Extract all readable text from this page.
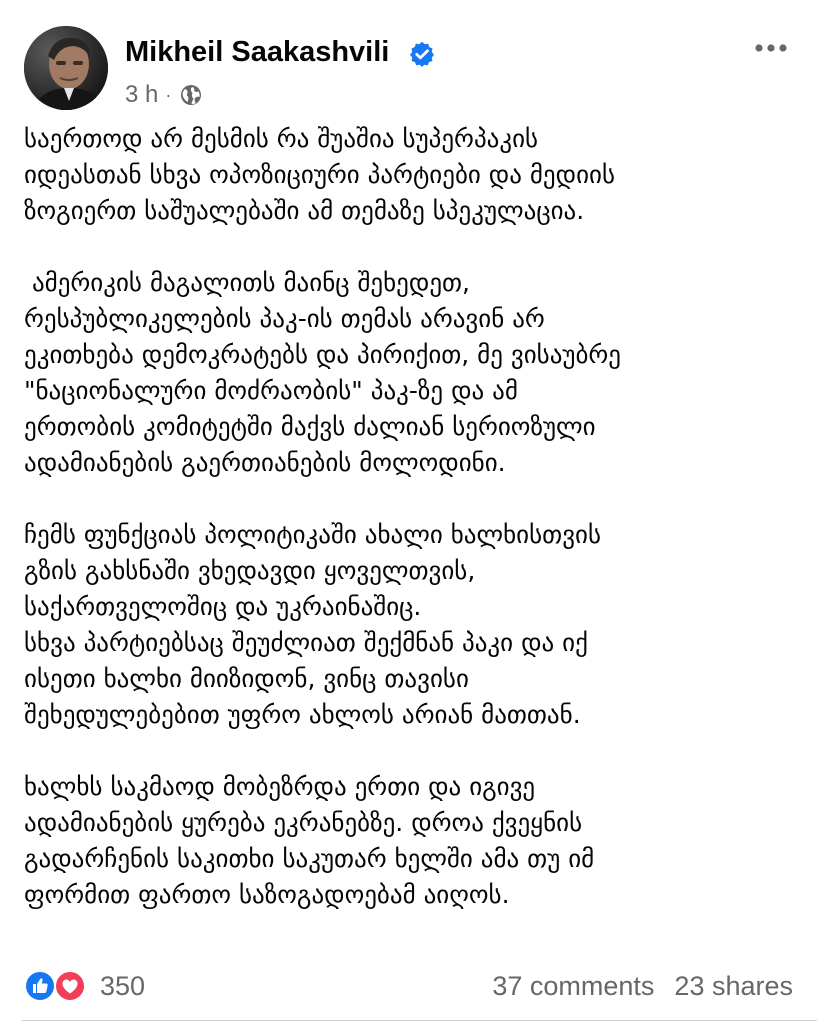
Mikheil Saakashvili
3 h ·

საერთოდ არ მესმის რა შუაშია სუპერპაკის

იდეასთან სხვა ოპოზიციური პარტიები და მედიის

ზოგიერთ საშუალებაში ამ თემაზე სპეკულაცია.

ამერიკის მაგალითს მაინც შეხედეთ,

რესპუბლიკელების პაკ-ის თემას არავინ არ

ეკითხება დემოკრატებს და პირიქით, მე ვისაუბრე

"ნაციონალური მოძრაობის" პაკ-ზე და ამ

ერთობის კომიტეტში მაქვს ძალიან სერიოზული

ადამიანების გაერთიანების მოლოდინი.

ჩემს ფუნქციას პოლიტიკაში ახალი ხალხისთვის

გზის გახსნაში ვხედავდი ყოველთვის,

საქართველოშიც და უკრაინაშიც.

სხვა პარტიებსაც შეუძლიათ შექმნან პაკი და იქ

ისეთი ხალხი მიიზიდონ, ვინც თავისი

შეხედულებებით უფრო ახლოს არიან მათთან.

ხალხს საკმაოდ მობეზრდა ერთი და იგივე

ადამიანების ყურება ეკრანებზე. დროა ქვეყნის

გადარჩენის საკითხი საკუთარ ხელში ამა თუ იმ

ფორმით ფართო საზოგადოებამ აიღოს.

350	37 comments 23 shares
